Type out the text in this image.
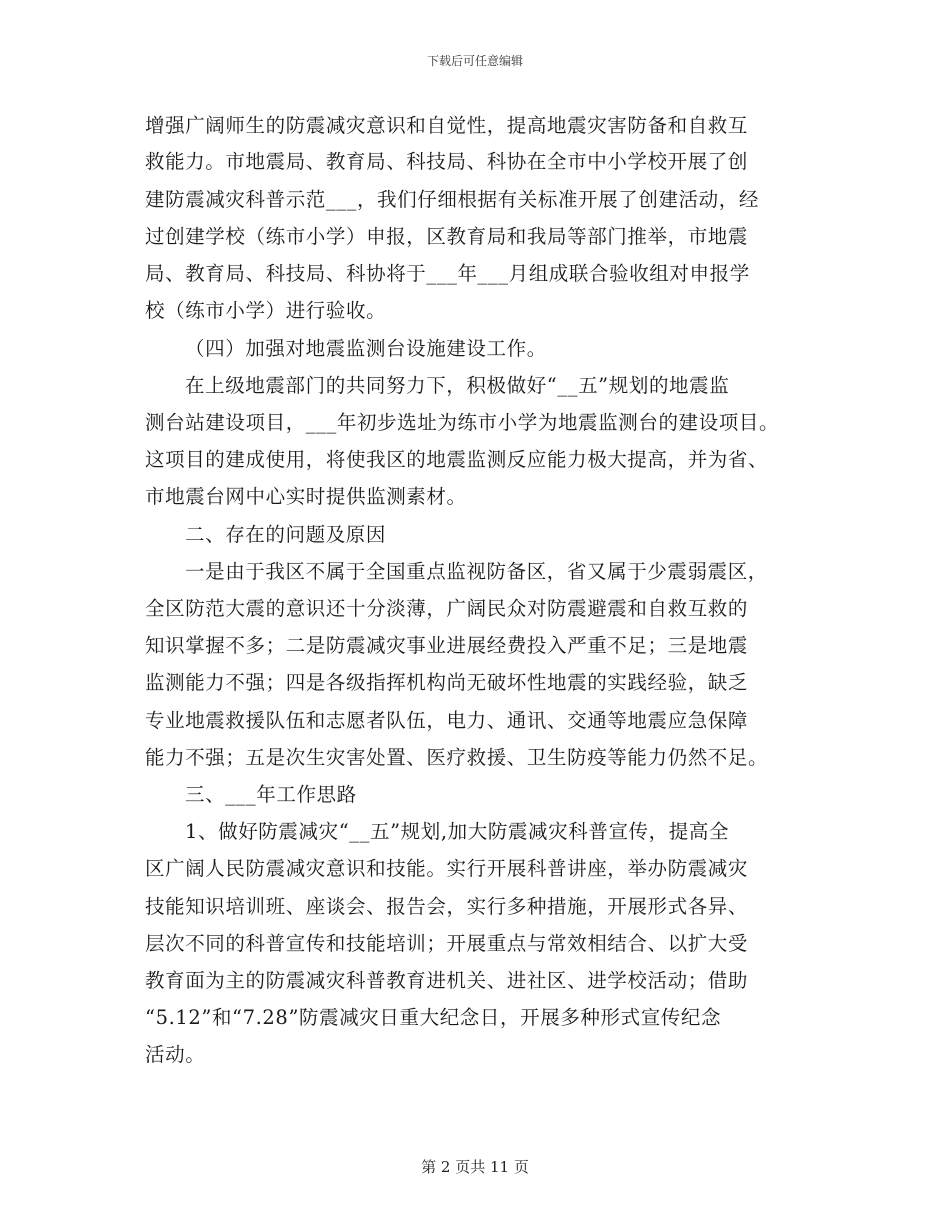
下载后可任意编辑
增强广阔师生的防震减灾意识和自觉性，提高地震灾害防备和自救互
救能力。市地震局、教育局、科技局、科协在全市中小学校开展了创
建防震减灾科普示范___，我们仔细根据有关标准开展了创建活动，经
过创建学校（练市小学）申报，区教育局和我局等部门推举，市地震
局、教育局、科技局、科协将于___年___月组成联合验收组对申报学
校（练市小学）进行验收。
（四）加强对地震监测台设施建设工作。
在上级地震部门的共同努力下，积极做好“__五”规划的地震监
测台站建设项目，___年初步选址为练市小学为地震监测台的建设项目。
这项目的建成使用，将使我区的地震监测反应能力极大提高，并为省、
市地震台网中心实时提供监测素材。
二、存在的问题及原因
一是由于我区不属于全国重点监视防备区，省又属于少震弱震区，
全区防范大震的意识还十分淡薄，广阔民众对防震避震和自救互救的
知识掌握不多；二是防震减灾事业进展经费投入严重不足；三是地震
监测能力不强；四是各级指挥机构尚无破坏性地震的实践经验，缺乏
专业地震救援队伍和志愿者队伍，电力、通讯、交通等地震应急保障
能力不强；五是次生灾害处置、医疗救援、卫生防疫等能力仍然不足。
三、___年工作思路
1、做好防震减灾“__五”规划,加大防震减灾科普宣传，提高全
区广阔人民防震减灾意识和技能。实行开展科普讲座，举办防震减灾
技能知识培训班、座谈会、报告会，实行多种措施，开展形式各异、
层次不同的科普宣传和技能培训；开展重点与常效相结合、以扩大受
教育面为主的防震减灾科普教育进机关、进社区、进学校活动；借助
“5.12”和“7.28”防震减灾日重大纪念日，开展多种形式宣传纪念
活动。
第 2 页共 11 页
